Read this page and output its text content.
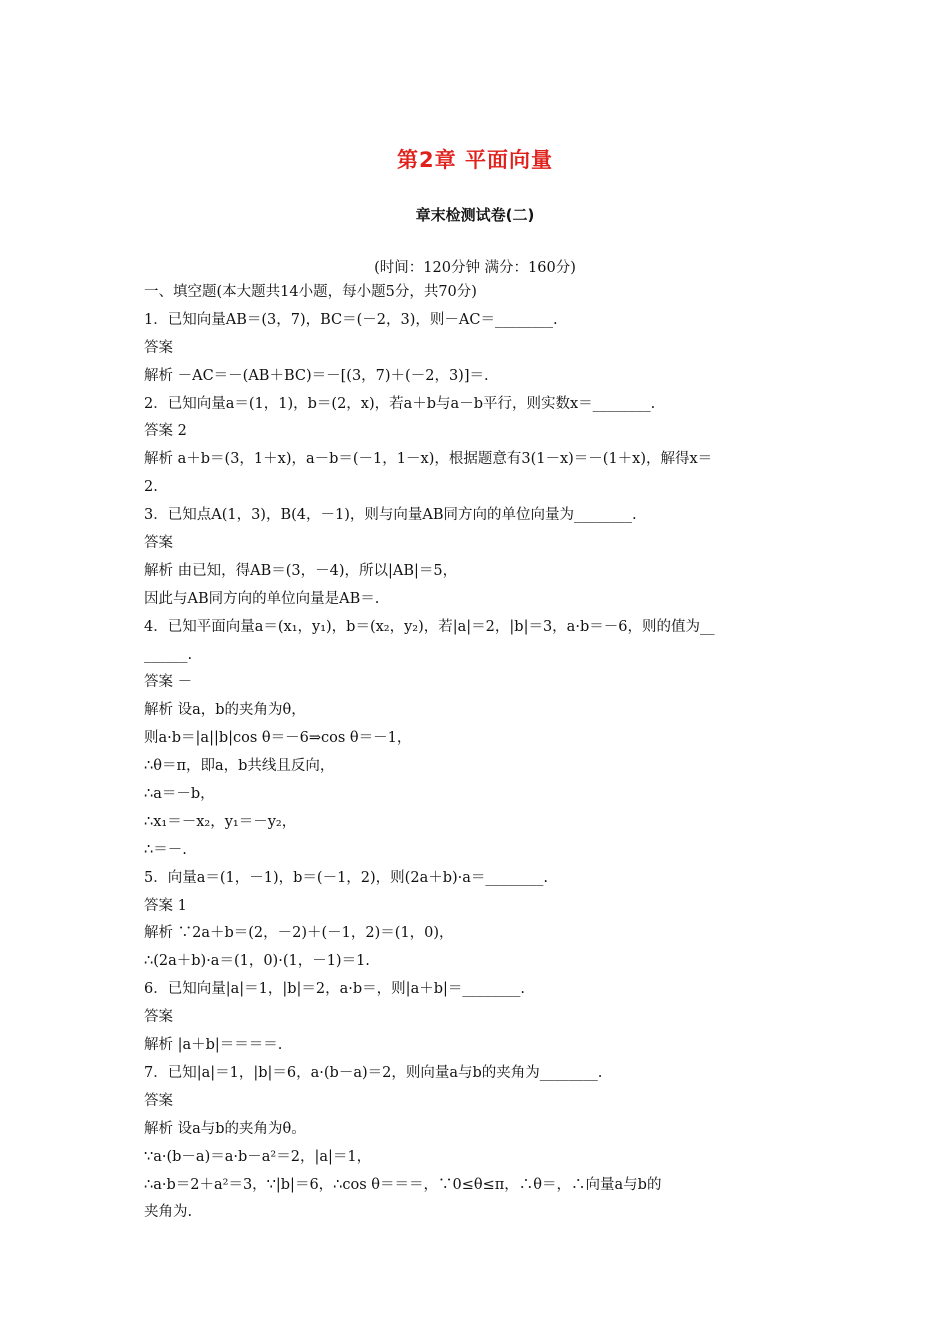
第2章 平面向量
章末检测试卷(二)
(时间：120分钟 满分：160分)
一、填空题(本大题共14小题，每小题5分，共70分)
1．已知向量AB＝(3，7)，BC＝(－2，3)，则－AC＝________.
答案
解析 －AC＝－(AB＋BC)＝－[(3，7)＋(－2，3)]＝.
2．已知向量a＝(1，1)，b＝(2，x)，若a＋b与a－b平行，则实数x＝________.
答案 2
解析 a＋b＝(3，1＋x)，a－b＝(－1，1－x)，根据题意有3(1－x)＝－(1＋x)，解得x＝
2.
3．已知点A(1，3)，B(4，－1)，则与向量AB同方向的单位向量为________.
答案
解析 由已知，得AB＝(3，－4)，所以|AB|＝5，
因此与AB同方向的单位向量是AB＝.
4．已知平面向量a＝(x₁，y₁)，b＝(x₂，y₂)，若|a|＝2，|b|＝3，a·b＝－6，则的值为__
______.
答案 －
解析 设a，b的夹角为θ，
则a·b＝|a||b|cos θ＝－6⇒cos θ＝－1，
∴θ＝π，即a，b共线且反向，
∴a＝－b，
∴x₁＝－x₂，y₁＝－y₂，
∴＝－.
5．向量a＝(1，－1)，b＝(－1，2)，则(2a＋b)·a＝________.
答案 1
解析 ∵2a＋b＝(2，－2)＋(－1，2)＝(1，0)，
∴(2a＋b)·a＝(1，0)·(1，－1)＝1.
6．已知向量|a|＝1，|b|＝2，a·b＝，则|a＋b|＝________.
答案
解析 |a＋b|＝＝＝＝.
7．已知|a|＝1，|b|＝6，a·(b－a)＝2，则向量a与b的夹角为________.
答案
解析 设a与b的夹角为θ。
∵a·(b－a)＝a·b－a²＝2，|a|＝1，
∴a·b＝2＋a²＝3，∵|b|＝6，∴cos θ＝＝＝，∵0≤θ≤π，∴θ＝，∴向量a与b的
夹角为.
